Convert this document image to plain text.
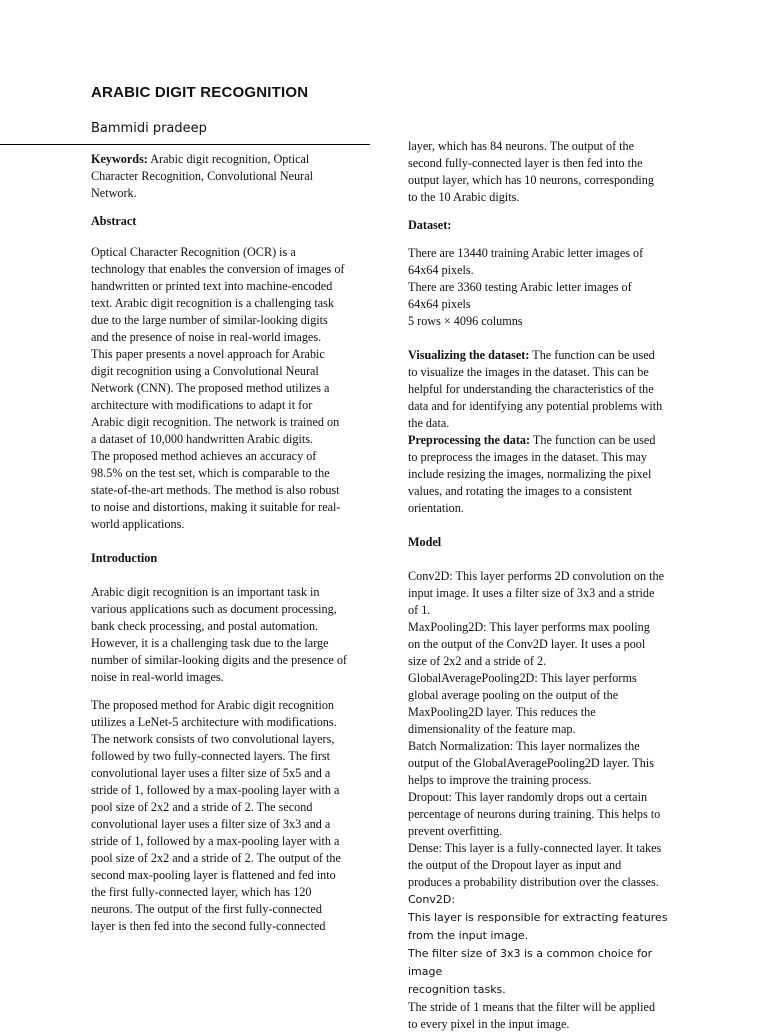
ARABIC DIGIT RECOGNITION
Bammidi pradeep

Keywords: Arabic digit recognition, Optical

Character Recognition, Convolutional Neural

Network.

Abstract

Optical Character Recognition (OCR) is a

technology that enables the conversion of images of

handwritten or printed text into machine-encoded

text. Arabic digit recognition is a challenging task

due to the large number of similar-looking digits

and the presence of noise in real-world images.

This paper presents a novel approach for Arabic

digit recognition using a Convolutional Neural

Network (CNN). The proposed method utilizes a

architecture with modifications to adapt it for

Arabic digit recognition. The network is trained on

a dataset of 10,000 handwritten Arabic digits.

The proposed method achieves an accuracy of

98.5% on the test set, which is comparable to the

state-of-the-art methods. The method is also robust

to noise and distortions, making it suitable for real-

world applications.

Introduction

Arabic digit recognition is an important task in

various applications such as document processing,

bank check processing, and postal automation.

However, it is a challenging task due to the large

number of similar-looking digits and the presence of

noise in real-world images.

The proposed method for Arabic digit recognition

utilizes a LeNet-5 architecture with modifications.

The network consists of two convolutional layers,

followed by two fully-connected layers. The first

convolutional layer uses a filter size of 5x5 and a

stride of 1, followed by a max-pooling layer with a

pool size of 2x2 and a stride of 2. The second

convolutional layer uses a filter size of 3x3 and a

stride of 1, followed by a max-pooling layer with a

pool size of 2x2 and a stride of 2. The output of the

second max-pooling layer is flattened and fed into

the first fully-connected layer, which has 120

neurons. The output of the first fully-connected

layer is then fed into the second fully-connected

layer, which has 84 neurons. The output of the

second fully-connected layer is then fed into the

output layer, which has 10 neurons, corresponding

to the 10 Arabic digits.

Dataset:

There are 13440 training Arabic letter images of

64x64 pixels.

There are 3360 testing Arabic letter images of

64x64 pixels

5 rows × 4096 columns

Visualizing the dataset: The function can be used

to visualize the images in the dataset. This can be

helpful for understanding the characteristics of the

data and for identifying any potential problems with

the data.

Preprocessing the data: The function can be used

to preprocess the images in the dataset. This may

include resizing the images, normalizing the pixel

values, and rotating the images to a consistent

orientation.

Model

Conv2D: This layer performs 2D convolution on the

input image. It uses a filter size of 3x3 and a stride

of 1.

MaxPooling2D: This layer performs max pooling

on the output of the Conv2D layer. It uses a pool

size of 2x2 and a stride of 2.

GlobalAveragePooling2D: This layer performs

global average pooling on the output of the

MaxPooling2D layer. This reduces the

dimensionality of the feature map.

Batch Normalization: This layer normalizes the

output of the GlobalAveragePooling2D layer. This

helps to improve the training process.

Dropout: This layer randomly drops out a certain

percentage of neurons during training. This helps to

prevent overfitting.

Dense: This layer is a fully-connected layer. It takes

the output of the Dropout layer as input and

produces a probability distribution over the classes.

Conv2D:

This layer is responsible for extracting features

from the input image.

The filter size of 3x3 is a common choice for image

recognition tasks.

The stride of 1 means that the filter will be applied

to every pixel in the input image.
